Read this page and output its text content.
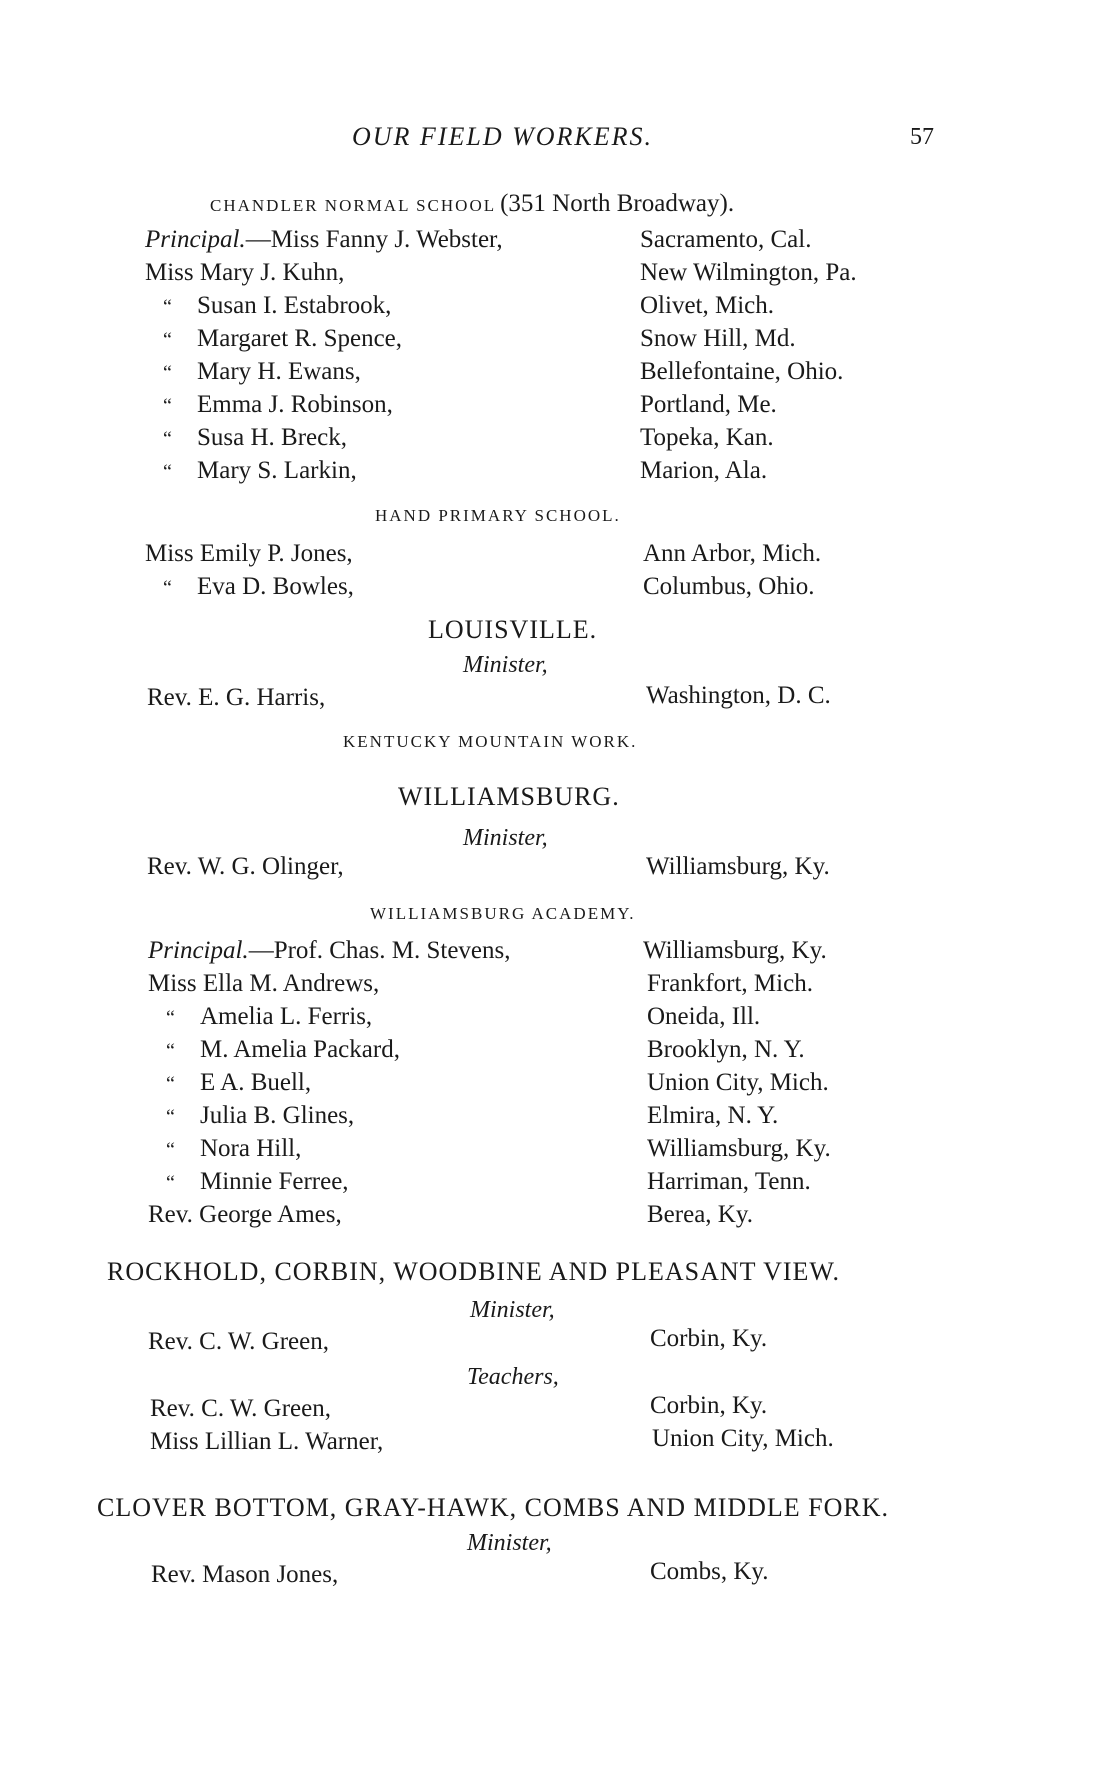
OUR FIELD WORKERS.	57
CHANDLER NORMAL SCHOOL (351 North Broadway).
Principal.—Miss Fanny J. Webster,	Sacramento, Cal.
Miss Mary J. Kuhn,	New Wilmington, Pa.
“ Susan I. Estabrook,	Olivet, Mich.
“ Margaret R. Spence,	Snow Hill, Md.
“ Mary H. Ewans,	Bellefontaine, Ohio.
“ Emma J. Robinson,	Portland, Me.
“ Susa H. Breck,	Topeka, Kan.
“ Mary S. Larkin,	Marion, Ala.
HAND PRIMARY SCHOOL.
Miss Emily P. Jones,	Ann Arbor, Mich.
“ Eva D. Bowles,	Columbus, Ohio.
LOUISVILLE.
Minister,
Rev. E. G. Harris,	Washington, D. C.
KENTUCKY MOUNTAIN WORK.
WILLIAMSBURG.
Minister,
Rev. W. G. Olinger,	Williamsburg, Ky.
WILLIAMSBURG ACADEMY.
Principal.—Prof. Chas. M. Stevens,	Williamsburg, Ky.
Miss Ella M. Andrews,	Frankfort, Mich.
“ Amelia L. Ferris,	Oneida, Ill.
“ M. Amelia Packard,	Brooklyn, N. Y.
“ E A. Buell,	Union City, Mich.
“ Julia B. Glines,	Elmira, N. Y.
“ Nora Hill,	Williamsburg, Ky.
“ Minnie Ferree,	Harriman, Tenn.
Rev. George Ames,	Berea, Ky.
ROCKHOLD, CORBIN, WOODBINE AND PLEASANT VIEW.
Minister,
Rev. C. W. Green,	Corbin, Ky.
Teachers,
Rev. C. W. Green,	Corbin, Ky.
Miss Lillian L. Warner,	Union City, Mich.
CLOVER BOTTOM, GRAY-HAWK, COMBS AND MIDDLE FORK.
Minister,
Rev. Mason Jones,	Combs, Ky.
